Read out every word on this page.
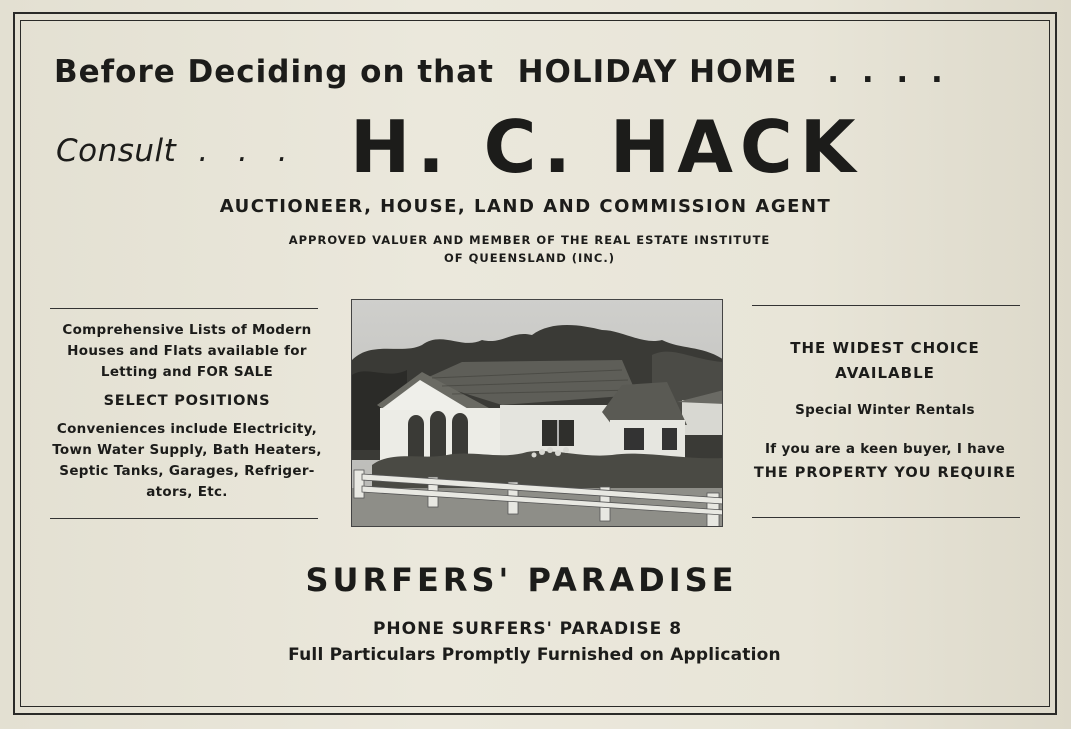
Before Deciding on that HOLIDAY HOME . . . .
Consult . . . H. C. HACK
AUCTIONEER, HOUSE, LAND AND COMMISSION AGENT
APPROVED VALUER AND MEMBER OF THE REAL ESTATE INSTITUTE
OF QUEENSLAND (INC.)
Comprehensive Lists of Modern
Houses and Flats available for
Letting and FOR SALE
SELECT POSITIONS
Conveniences include Electricity,
Town Water Supply, Bath Heaters,
Septic Tanks, Garages, Refriger-
ators, Etc.
THE WIDEST CHOICE
AVAILABLE
Special Winter Rentals
If you are a keen buyer, I have
THE PROPERTY YOU REQUIRE
SURFERS' PARADISE
PHONE SURFERS' PARADISE 8
Full Particulars Promptly Furnished on Application
